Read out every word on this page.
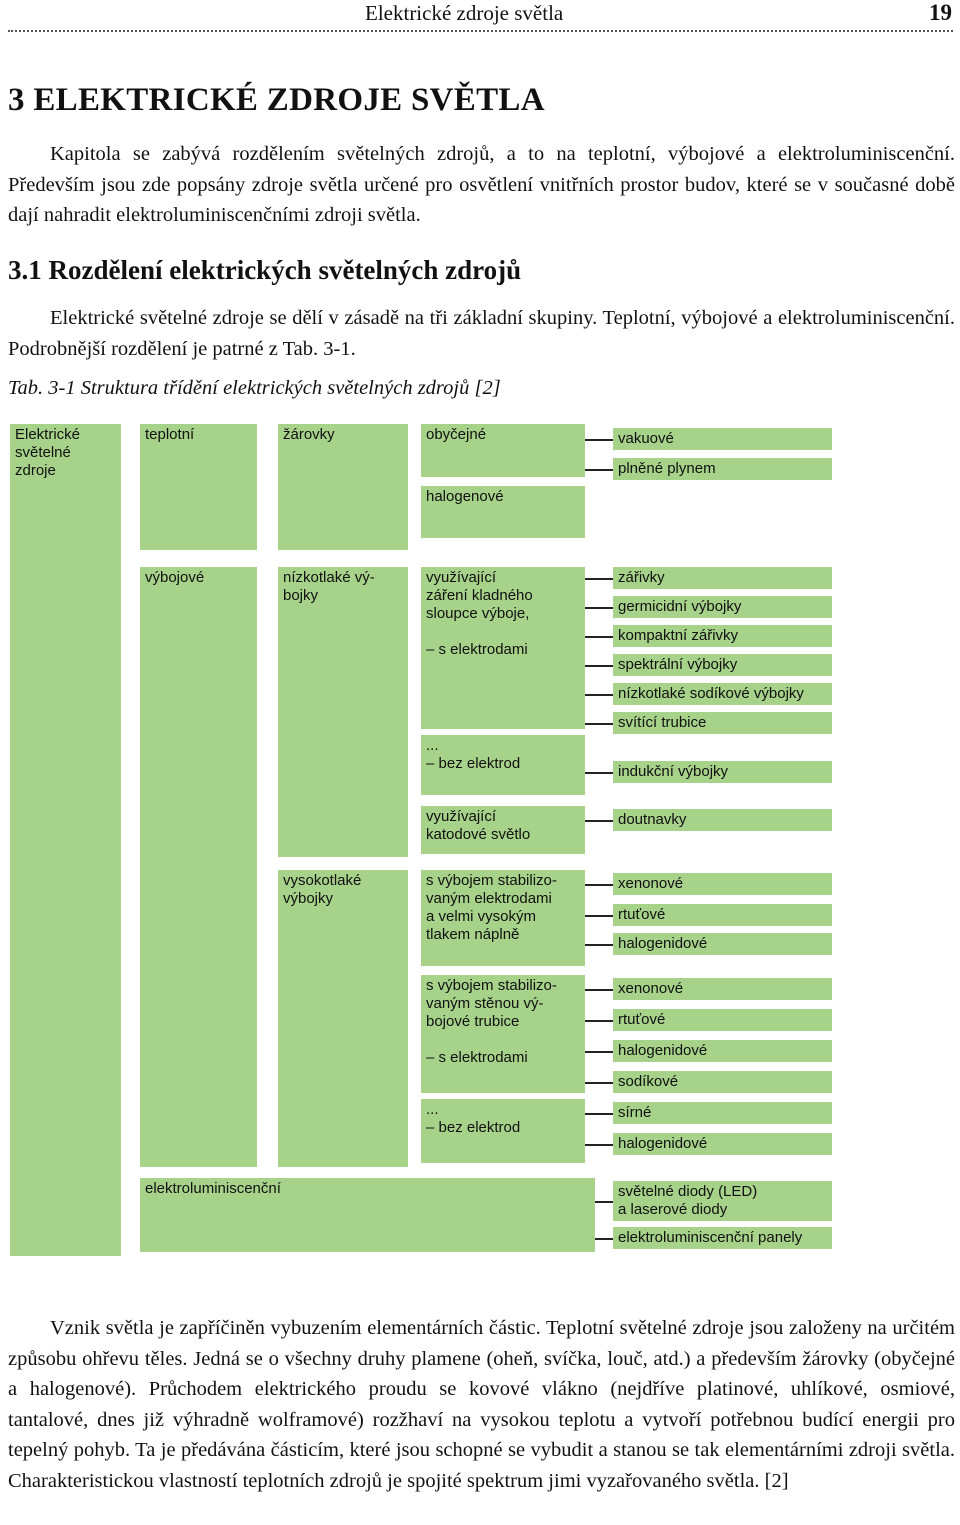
Elektrické zdroje světla	19
3 ELEKTRICKÉ ZDROJE SVĚTLA
Kapitola se zabývá rozdělením světelných zdrojů, a to na teplotní, výbojové a elektroluminiscenční. Především jsou zde popsány zdroje světla určené pro osvětlení vnitřních prostor budov, které se v současné době dají nahradit elektroluminiscenčními zdroji světla.
3.1 Rozdělení elektrických světelných zdrojů
Elektrické světelné zdroje se dělí v zásadě na tři základní skupiny. Teplotní, výbojové a elektroluminiscenční. Podrobnější rozdělení je patrné z Tab. 3-1.
Tab. 3-1 Struktura třídění elektrických světelných zdrojů [2]
Elektrické
světelné
zdroje
teplotní
výbojové
elektroluminiscenční
žárovky
nízkotlaké vý-
bojky
vysokotlaké
výbojky
obyčejné
halogenové
využívající
záření kladného
sloupce výboje,

– s elektrodami
...
– bez elektrod
využívající
katodové světlo
s výbojem stabilizo-
vaným elektrodami
a velmi vysokým
tlakem náplně
s výbojem stabilizo-
vaným stěnou vý-
bojové trubice

– s elektrodami
...
– bez elektrod
vakuové
plněné plynem
zářivky
germicidní výbojky
kompaktní zářivky
spektrální výbojky
nízkotlaké sodíkové výbojky
svítící trubice
indukční výbojky
doutnavky
xenonové
rtuťové
halogenidové
xenonové
rtuťové
halogenidové
sodíkové
sírné
halogenidové
světelné diody (LED)
a laserové diody
elektroluminiscenční panely
Vznik světla je zapříčiněn vybuzením elementárních částic. Teplotní světelné zdroje jsou založeny na určitém způsobu ohřevu těles. Jedná se o všechny druhy plamene (oheň, svíčka, louč, atd.) a především žárovky (obyčejné a halogenové). Průchodem elektrického proudu se kovové vlákno (nejdříve platinové, uhlíkové, osmiové, tantalové, dnes již výhradně wolframové) rozžhaví na vysokou teplotu a vytvoří potřebnou budící energii pro tepelný pohyb. Ta je předávána částicím, které jsou schopné se vybudit a stanou se tak elementárními zdroji světla. Charakteristickou vlastností teplotních zdrojů je spojité spektrum jimi vyzařovaného světla. [2]
